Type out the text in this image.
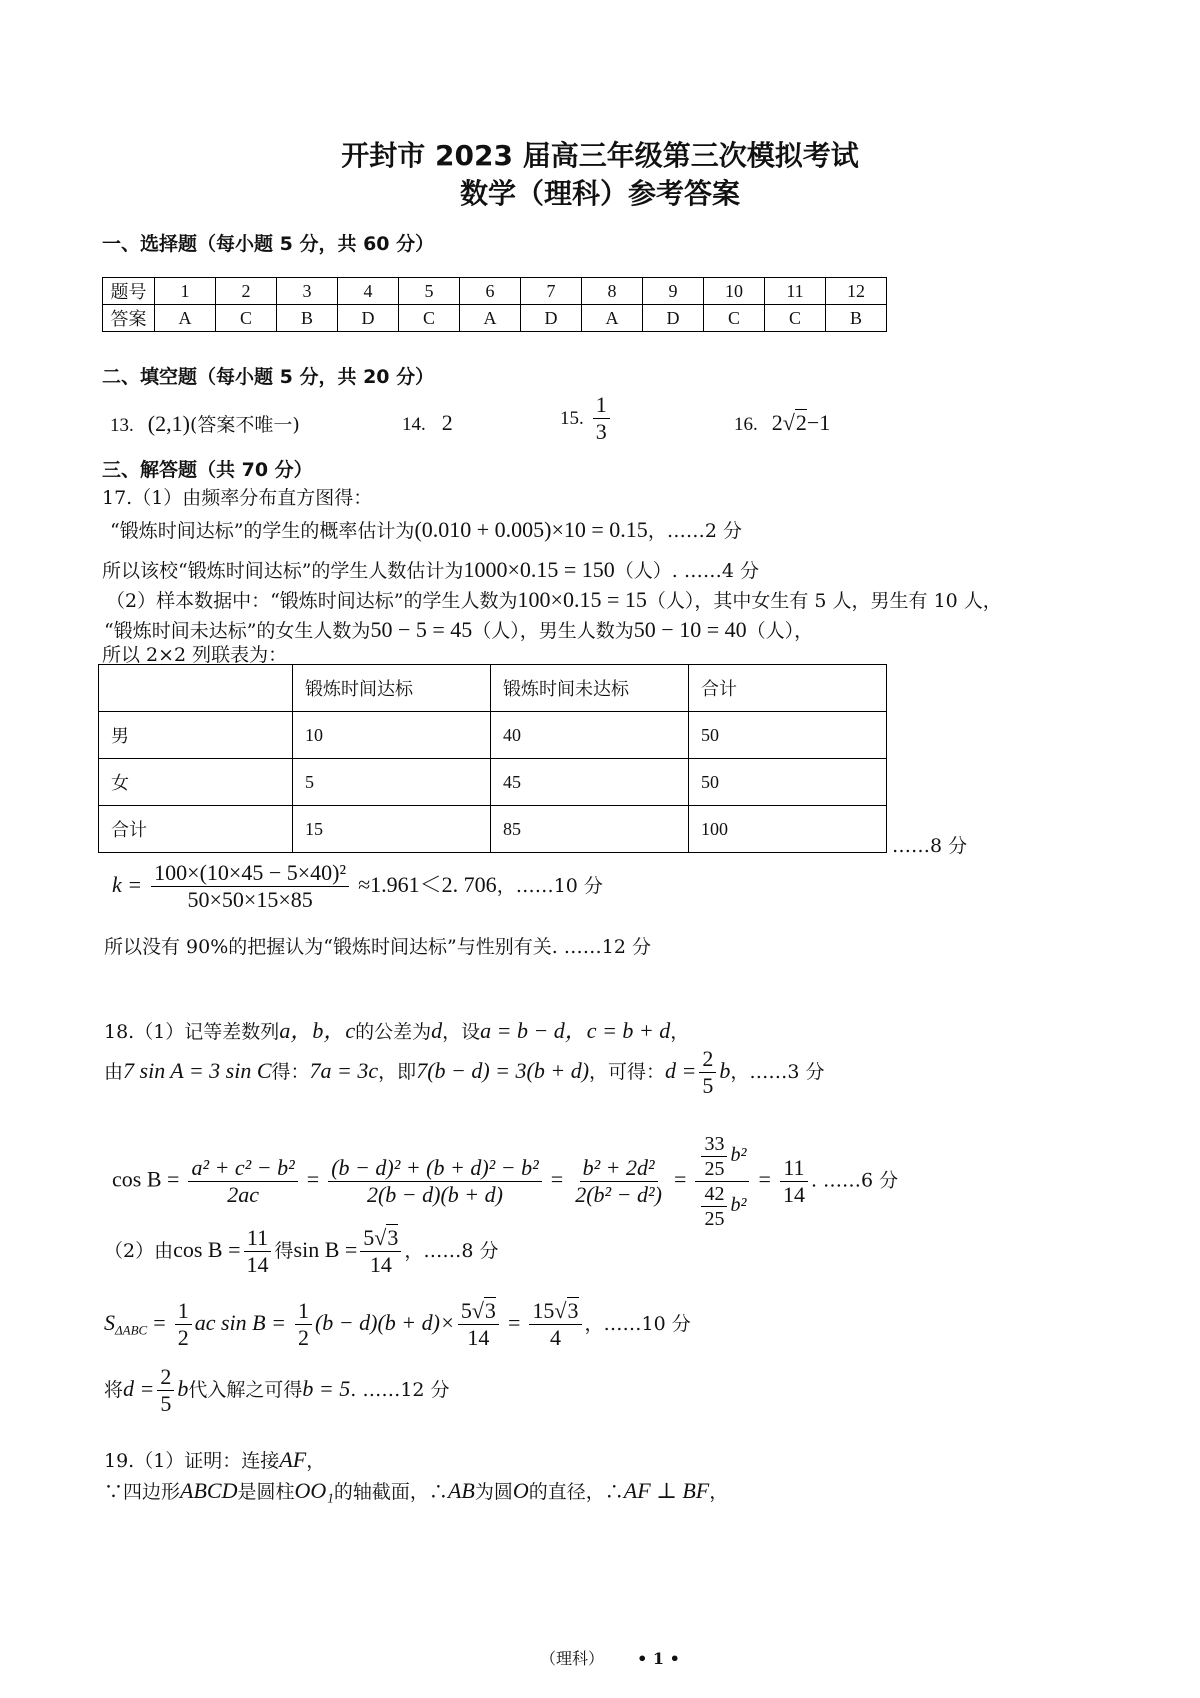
开封市 2023 届高三年级第三次模拟考试
数学（理科）参考答案
一、选择题（每小题 5 分，共 60 分）
题号	1	2	3	4	5	6	7	8	9	10	11	12
答案	A	C	B	D	C	A	D	A	D	C	C	B
二、填空题（每小题 5 分，共 20 分）
13. (2,1)(答案不唯一)	14. 2	15. $\frac{1}{3}$	16. 2√2−1
三、解答题（共 70 分）
17.（1）由频率分布直方图得：
“锻炼时间达标”的学生的概率估计为(0.010 + 0.005)×10 = 0.15，……2 分
所以该校“锻炼时间达标”的学生人数估计为1000×0.15 = 150（人）. ……4 分
（2）样本数据中：“锻炼时间达标”的学生人数为100×0.15 = 15（人），其中女生有 5 人，男生有 10 人，
“锻炼时间未达标”的女生人数为50 − 5 = 45（人），男生人数为50 − 10 = 40（人），
所以 2×2 列联表为：
	锻炼时间达标	锻炼时间未达标	合计
男	10	40	50
女	5	45	50
合计	15	85	100
……8 分
$k = \frac{\text{100×(10×45 − 5×40)²}}{50\times 50\times 15\times 85} \approx 1.961<2$. 706，……10 分
所以没有 90%的把握认为“锻炼时间达标”与性别有关. ……12 分
18.（1）记等差数列a，b，c的公差为d，设a = b − d，c = b + d，
由7 sin A = 3 sin C得：7a = 3c，即7(b − d) = 3(b + d)，可得：$d = \frac{2}{5}$ b，……3 分
$\cos B = \frac{\text{a² + c² − b²}}{2ac} = \frac{\text{(b − d)² + (b + d)² − b²}}{2(b - d)(b + d)} = \frac{\text{b² + 2d²}}{\text{2(b² − d²)}} = \frac{\frac{33}{25} b^2}{\frac{42}{25} b^2} = \frac{11}{14}$ . ……6 分
（2）由$\cos B = \frac{11}{14}$ 得$\sin B = \frac{5√3}{14}$ ，……8 分
$S_{\Delta ABC} = \frac{1}{2}$ ac $\sin B = \frac{1}{2} (b - d)(b + d)\times \frac{5√3}{14} = \frac{15√3}{4}$ ，……10 分
将$d = \frac{2}{5}$ b代入解之可得b = 5. ……12 分
19.（1）证明：连接AF，
∵四边形ABCD是圆柱OO₁的轴截面，∴AB为圆O的直径，∴AF ⊥ BF，
（理科） • 1 •
